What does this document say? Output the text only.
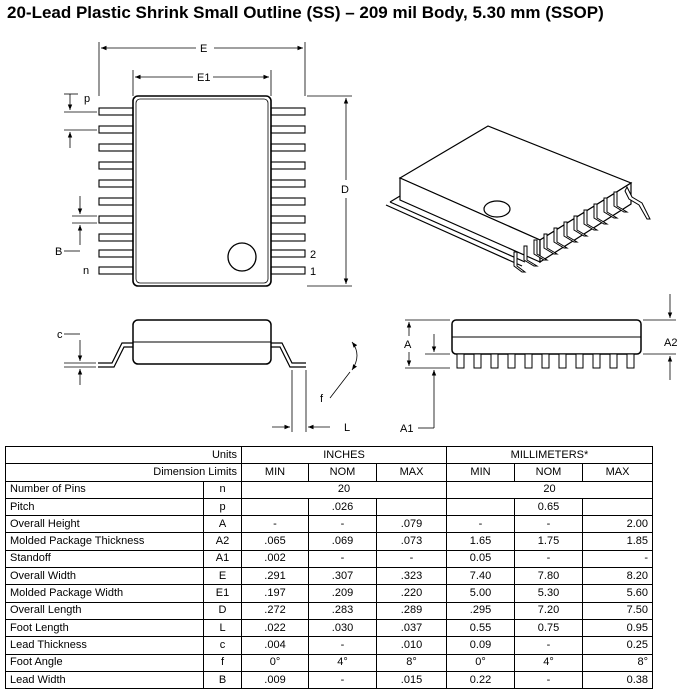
20-Lead Plastic Shrink Small Outline (SS) – 209 mil Body, 5.30 mm (SSOP)
E
E1
p
D
B
n
2
1
c
f
L
A	A2
A1
Units		INCHES			MILLIMETERS*		
Dimension Limits		MIN	NOM	MAX	MIN	NOM	MAX
Number of Pins	n	20			20		
Pitch	p		.026			0.65	
Overall Height	A	-	-	.079	-	-	2.00
Molded Package Thickness	A2	.065	.069	.073	1.65	1.75	1.85
Standoff	A1	.002	-	-	0.05	-	-
Overall Width	E	.291	.307	.323	7.40	7.80	8.20
Molded Package Width	E1	.197	.209	.220	5.00	5.30	5.60
Overall Length	D	.272	.283	.289	.295	7.20	7.50
Foot Length	L	.022	.030	.037	0.55	0.75	0.95
Lead Thickness	c	.004	-	.010	0.09	-	0.25
Foot Angle	f	0°	4°	8°	0°	4°	8°
Lead Width	B	.009	-	.015	0.22	-	0.38
